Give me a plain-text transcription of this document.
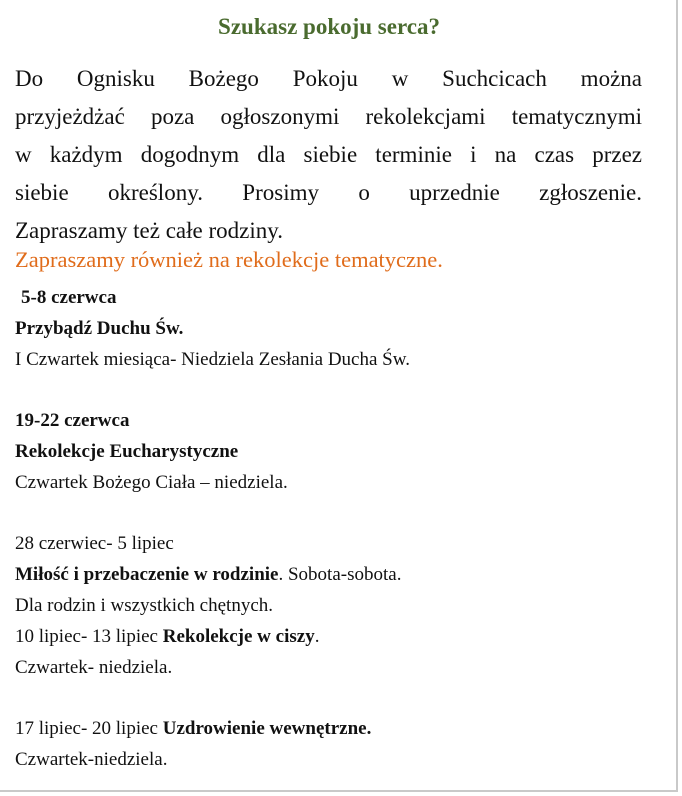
Szukasz pokoju serca?
Do Ognisku Bożego Pokoju w Suchcicach można
przyjeżdżać poza ogłoszonymi rekolekcjami tematycznymi
w każdym dogodnym dla siebie terminie i na czas przez
siebie określony. Prosimy o uprzednie zgłoszenie.
Zapraszamy też całe rodziny.
Zapraszamy również na rekolekcje tematyczne.
5-8 czerwca
Przybądź Duchu Św.
I Czwartek miesiąca- Niedziela Zesłania Ducha Św.
19-22 czerwca
Rekolekcje Eucharystyczne
Czwartek Bożego Ciała – niedziela.
28 czerwiec- 5 lipiec
Miłość i przebaczenie w rodzinie. Sobota-sobota.
Dla rodzin i wszystkich chętnych.
10 lipiec- 13 lipiec Rekolekcje w ciszy.
Czwartek- niedziela.
17 lipiec- 20 lipiec Uzdrowienie wewnętrzne.
Czwartek-niedziela.
